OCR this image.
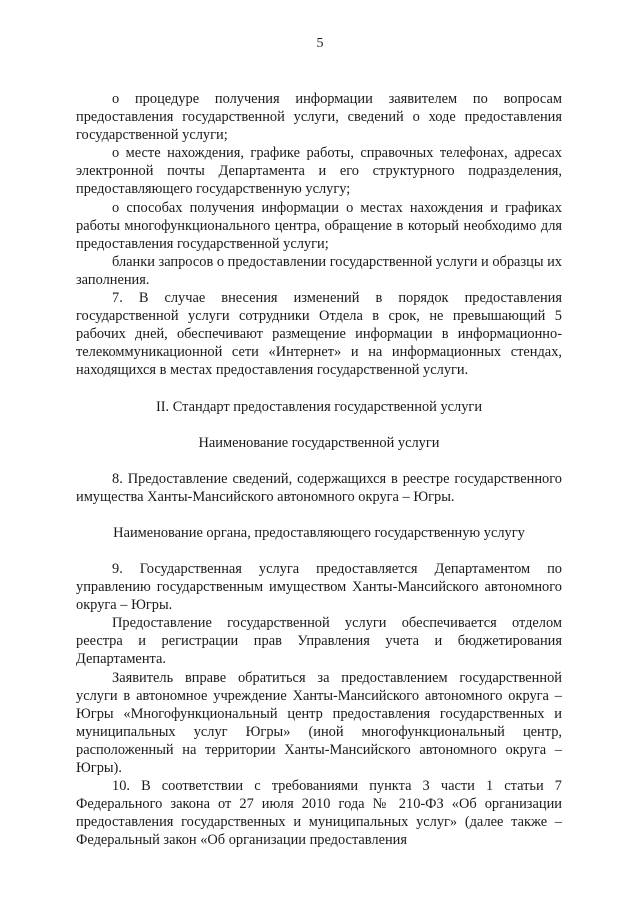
5

о процедуре получения информации заявителем по вопросам предоставления государственной услуги, сведений о ходе предоставления государственной услуги;

о месте нахождения, графике работы, справочных телефонах, адресах электронной почты Департамента и его структурного подразделения, предоставляющего государственную услугу;

о способах получения информации о местах нахождения и графиках работы многофункционального центра, обращение в который необходимо для предоставления государственной услуги;

бланки запросов о предоставлении государственной услуги и образцы их заполнения.

7. В случае внесения изменений в порядок предоставления государственной услуги сотрудники Отдела в срок, не превышающий 5 рабочих дней, обеспечивают размещение информации в информационно-телекоммуникационной сети «Интернет» и на информационных стендах, находящихся в местах предоставления государственной услуги.

II. Стандарт предоставления государственной услуги

Наименование государственной услуги

8. Предоставление сведений, содержащихся в реестре государственного имущества Ханты-Мансийского автономного округа – Югры.

Наименование органа, предоставляющего государственную услугу

9. Государственная услуга предоставляется Департаментом по управлению государственным имуществом Ханты-Мансийского автономного округа – Югры.

Предоставление государственной услуги обеспечивается отделом реестра и регистрации прав Управления учета и бюджетирования Департамента.

Заявитель вправе обратиться за предоставлением государственной услуги в автономное учреждение Ханты-Мансийского автономного округа – Югры «Многофункциональный центр предоставления государственных и муниципальных услуг Югры» (иной многофункциональный центр, расположенный на территории Ханты-Мансийского автономного округа – Югры).

10. В соответствии с требованиями пункта 3 части 1 статьи 7 Федерального закона от 27 июля 2010 года № 210-ФЗ «Об организации предоставления государственных и муниципальных услуг» (далее также – Федеральный закон «Об организации предоставления
